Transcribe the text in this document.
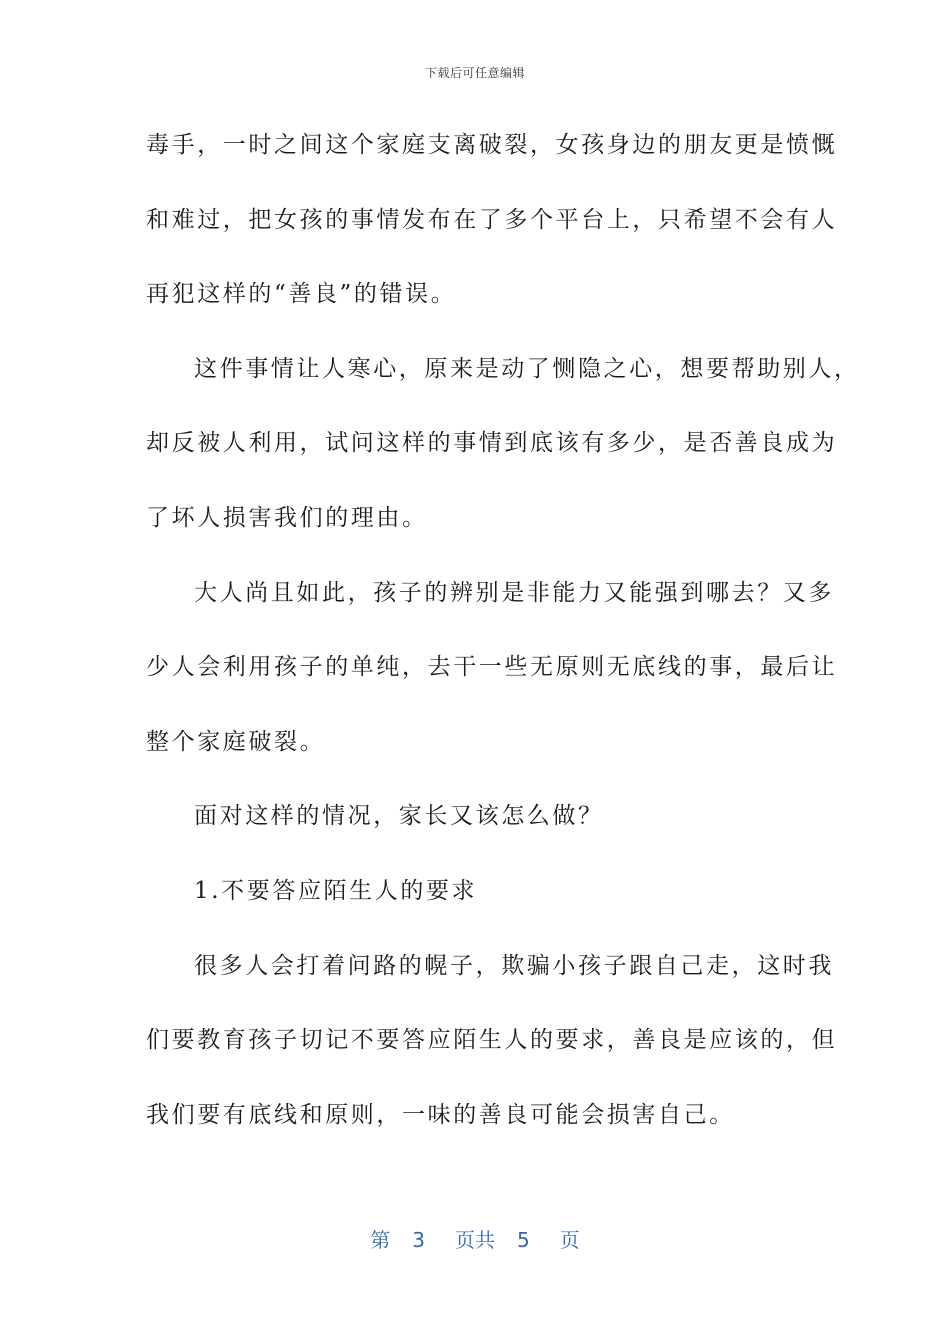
下载后可任意编辑
毒手，一时之间这个家庭支离破裂，女孩身边的朋友更是愤慨
和难过，把女孩的事情发布在了多个平台上，只希望不会有人
再犯这样的“善良”的错误。
这件事情让人寒心，原来是动了恻隐之心，想要帮助别人，
却反被人利用，试问这样的事情到底该有多少，是否善良成为
了坏人损害我们的理由。
大人尚且如此，孩子的辨别是非能力又能强到哪去？又多
少人会利用孩子的单纯，去干一些无原则无底线的事，最后让
整个家庭破裂。
面对这样的情况，家长又该怎么做？
1.不要答应陌生人的要求
很多人会打着问路的幌子，欺骗小孩子跟自己走，这时我
们要教育孩子切记不要答应陌生人的要求，善良是应该的，但
我们要有底线和原则，一味的善良可能会损害自己。
第 3 页共 5 页
